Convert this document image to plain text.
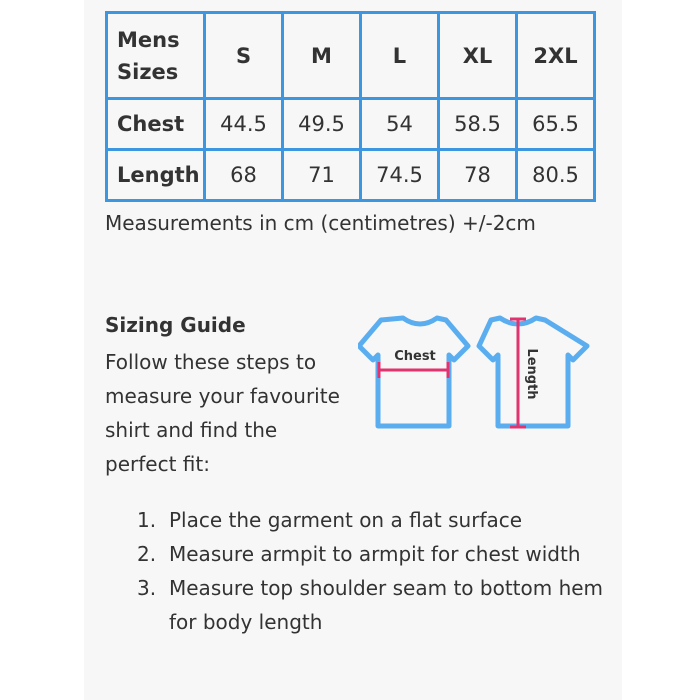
Mens
Sizes	S	M	L	XL	2XL
Chest	44.5	49.5	54	58.5	65.5
Length	68	71	74.5	78	80.5
Measurements in cm (centimetres) +/-2cm
Sizing Guide
Follow these steps to
measure your favourite
shirt and find the
perfect fit:
Chest	Length
1. Place the garment on a flat surface
2. Measure armpit to armpit for chest width
3. Measure top shoulder seam to bottom hem for body length
